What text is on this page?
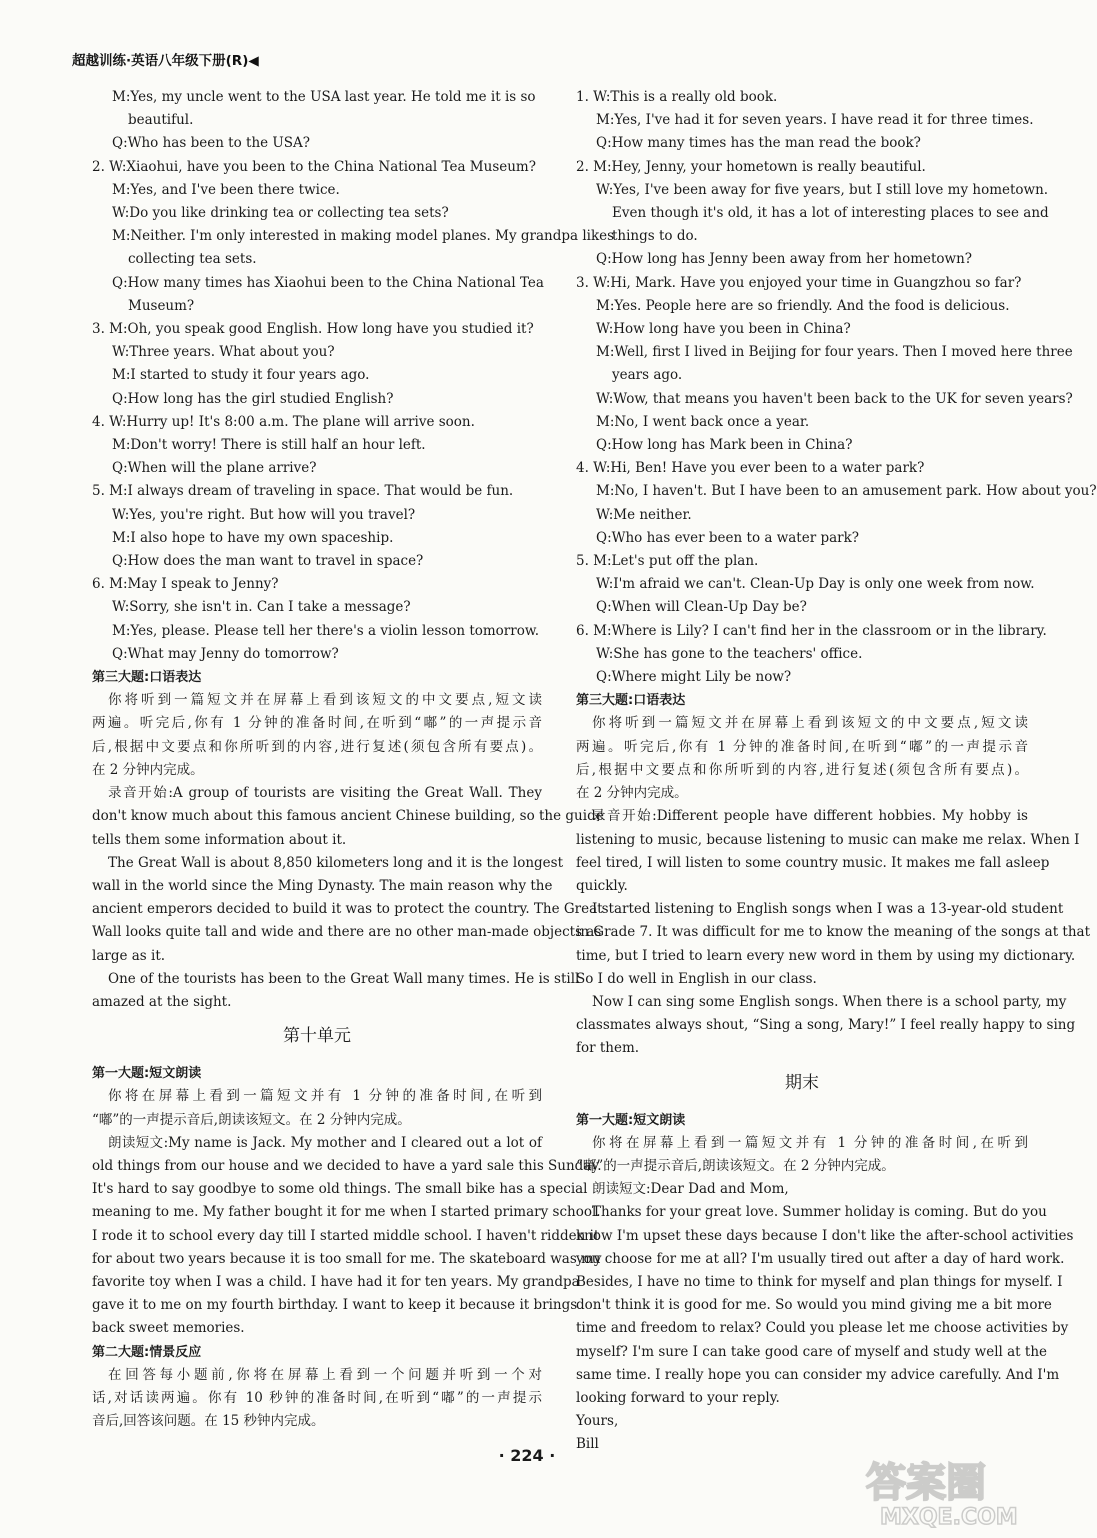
超越训练·英语八年级下册(R)◀
M:Yes, my uncle went to the USA last year. He told me it is so
beautiful.
Q:Who has been to the USA?
2. W:Xiaohui, have you been to the China National Tea Museum?
M:Yes, and I've been there twice.
W:Do you like drinking tea or collecting tea sets?
M:Neither. I'm only interested in making model planes. My grandpa likes
collecting tea sets.
Q:How many times has Xiaohui been to the China National Tea
Museum?
3. M:Oh, you speak good English. How long have you studied it?
W:Three years. What about you?
M:I started to study it four years ago.
Q:How long has the girl studied English?
4. W:Hurry up! It's 8:00 a.m. The plane will arrive soon.
M:Don't worry! There is still half an hour left.
Q:When will the plane arrive?
5. M:I always dream of traveling in space. That would be fun.
W:Yes, you're right. But how will you travel?
M:I also hope to have my own spaceship.
Q:How does the man want to travel in space?
6. M:May I speak to Jenny?
W:Sorry, she isn't in. Can I take a message?
M:Yes, please. Please tell her there's a violin lesson tomorrow.
Q:What may Jenny do tomorrow?
第三大题:口语表达
你将听到一篇短文并在屏幕上看到该短文的中文要点,短文读
两遍。听完后,你有 1 分钟的准备时间,在听到“嘟”的一声提示音
后,根据中文要点和你所听到的内容,进行复述(须包含所有要点)。
在 2 分钟内完成。
录音开始:A group of tourists are visiting the Great Wall. They
don't know much about this famous ancient Chinese building, so the guide
tells them some information about it.
The Great Wall is about 8,850 kilometers long and it is the longest
wall in the world since the Ming Dynasty. The main reason why the
ancient emperors decided to build it was to protect the country. The Great
Wall looks quite tall and wide and there are no other man-made objects as
large as it.
One of the tourists has been to the Great Wall many times. He is still
amazed at the sight.
第十单元
第一大题:短文朗读
你将在屏幕上看到一篇短文并有 1 分钟的准备时间,在听到
“嘟”的一声提示音后,朗读该短文。在 2 分钟内完成。
朗读短文:My name is Jack. My mother and I cleared out a lot of
old things from our house and we decided to have a yard sale this Sunday.
It's hard to say goodbye to some old things. The small bike has a special
meaning to me. My father bought it for me when I started primary school.
I rode it to school every day till I started middle school. I haven't ridden it
for about two years because it is too small for me. The skateboard was my
favorite toy when I was a child. I have had it for ten years. My grandpa
gave it to me on my fourth birthday. I want to keep it because it brings
back sweet memories.
第二大题:情景反应
在回答每小题前,你将在屏幕上看到一个问题并听到一个对
话,对话读两遍。你有 10 秒钟的准备时间,在听到“嘟”的一声提示
音后,回答该问题。在 15 秒钟内完成。
1. W:This is a really old book.
M:Yes, I've had it for seven years. I have read it for three times.
Q:How many times has the man read the book?
2. M:Hey, Jenny, your hometown is really beautiful.
W:Yes, I've been away for five years, but I still love my hometown.
Even though it's old, it has a lot of interesting places to see and
things to do.
Q:How long has Jenny been away from her hometown?
3. W:Hi, Mark. Have you enjoyed your time in Guangzhou so far?
M:Yes. People here are so friendly. And the food is delicious.
W:How long have you been in China?
M:Well, first I lived in Beijing for four years. Then I moved here three
years ago.
W:Wow, that means you haven't been back to the UK for seven years?
M:No, I went back once a year.
Q:How long has Mark been in China?
4. W:Hi, Ben! Have you ever been to a water park?
M:No, I haven't. But I have been to an amusement park. How about you?
W:Me neither.
Q:Who has ever been to a water park?
5. M:Let's put off the plan.
W:I'm afraid we can't. Clean-Up Day is only one week from now.
Q:When will Clean-Up Day be?
6. M:Where is Lily? I can't find her in the classroom or in the library.
W:She has gone to the teachers' office.
Q:Where might Lily be now?
第三大题:口语表达
你将听到一篇短文并在屏幕上看到该短文的中文要点,短文读
两遍。听完后,你有 1 分钟的准备时间,在听到“嘟”的一声提示音
后,根据中文要点和你所听到的内容,进行复述(须包含所有要点)。
在 2 分钟内完成。
录音开始:Different people have different hobbies. My hobby is
listening to music, because listening to music can make me relax. When I
feel tired, I will listen to some country music. It makes me fall asleep
quickly.
I started listening to English songs when I was a 13-year-old student
in Grade 7. It was difficult for me to know the meaning of the songs at that
time, but I tried to learn every new word in them by using my dictionary.
So I do well in English in our class.
Now I can sing some English songs. When there is a school party, my
classmates always shout, “Sing a song, Mary!” I feel really happy to sing
for them.
期末
第一大题:短文朗读
你将在屏幕上看到一篇短文并有 1 分钟的准备时间,在听到
“嘟”的一声提示音后,朗读该短文。在 2 分钟内完成。
朗读短文:Dear Dad and Mom,
Thanks for your great love. Summer holiday is coming. But do you
know I'm upset these days because I don't like the after-school activities
you choose for me at all? I'm usually tired out after a day of hard work.
Besides, I have no time to think for myself and plan things for myself. I
don't think it is good for me. So would you mind giving me a bit more
time and freedom to relax? Could you please let me choose activities by
myself? I'm sure I can take good care of myself and study well at the
same time. I really hope you can consider my advice carefully. And I'm
looking forward to your reply.
Yours,
Bill
· 224 ·
答案圈
MXQE.COM
